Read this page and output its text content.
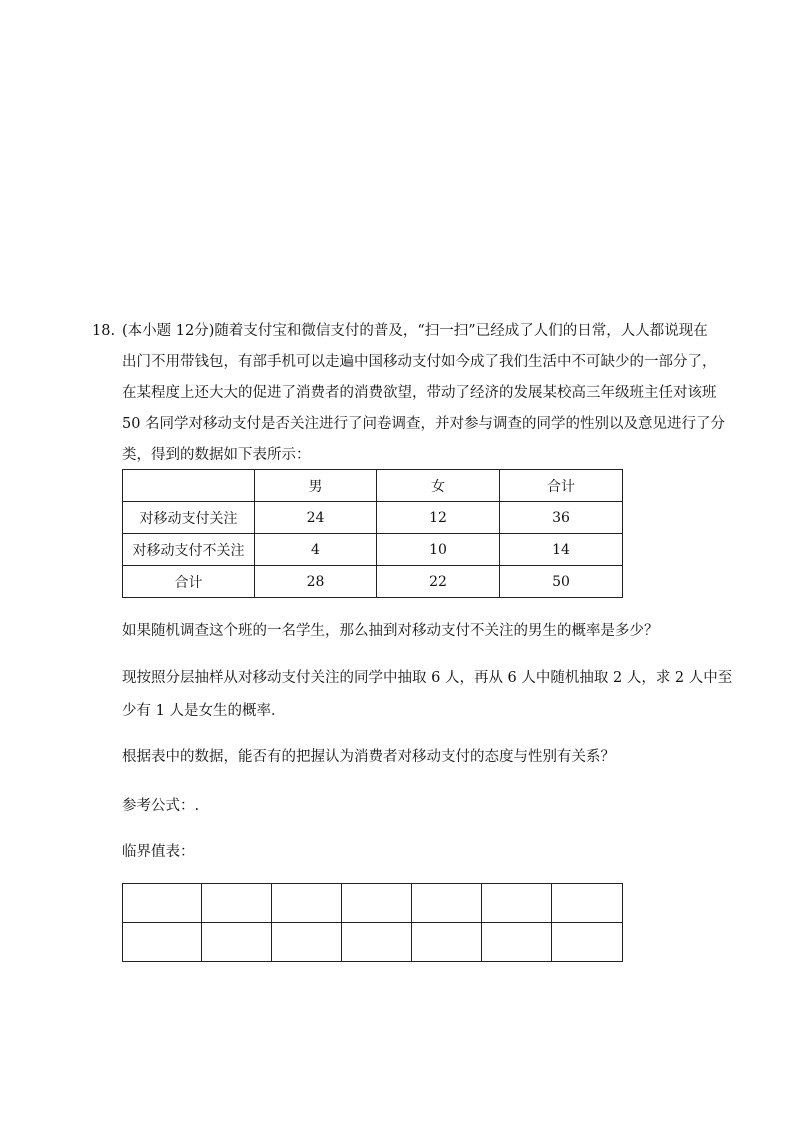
18. (本小题 12分)随着支付宝和微信支付的普及，“扫一扫”已经成了人们的日常，人人都说现在
出门不用带钱包，有部手机可以走遍中国移动支付如今成了我们生活中不可缺少的一部分了，
在某程度上还大大的促进了消费者的消费欲望，带动了经济的发展某校高三年级班主任对该班
50 名同学对移动支付是否关注进行了问卷调查，并对参与调查的同学的性别以及意见进行了分
类，得到的数据如下表所示：
	男	女	合计
对移动支付关注	24	12	36
对移动支付不关注	4	10	14
合计	28	22	50
如果随机调查这个班的一名学生，那么抽到对移动支付不关注的男生的概率是多少？
现按照分层抽样从对移动支付关注的同学中抽取 6 人，再从 6 人中随机抽取 2 人，求 2 人中至
少有 1 人是女生的概率．
根据表中的数据，能否有的把握认为消费者对移动支付的态度与性别有关系？
参考公式：.
临界值表：
